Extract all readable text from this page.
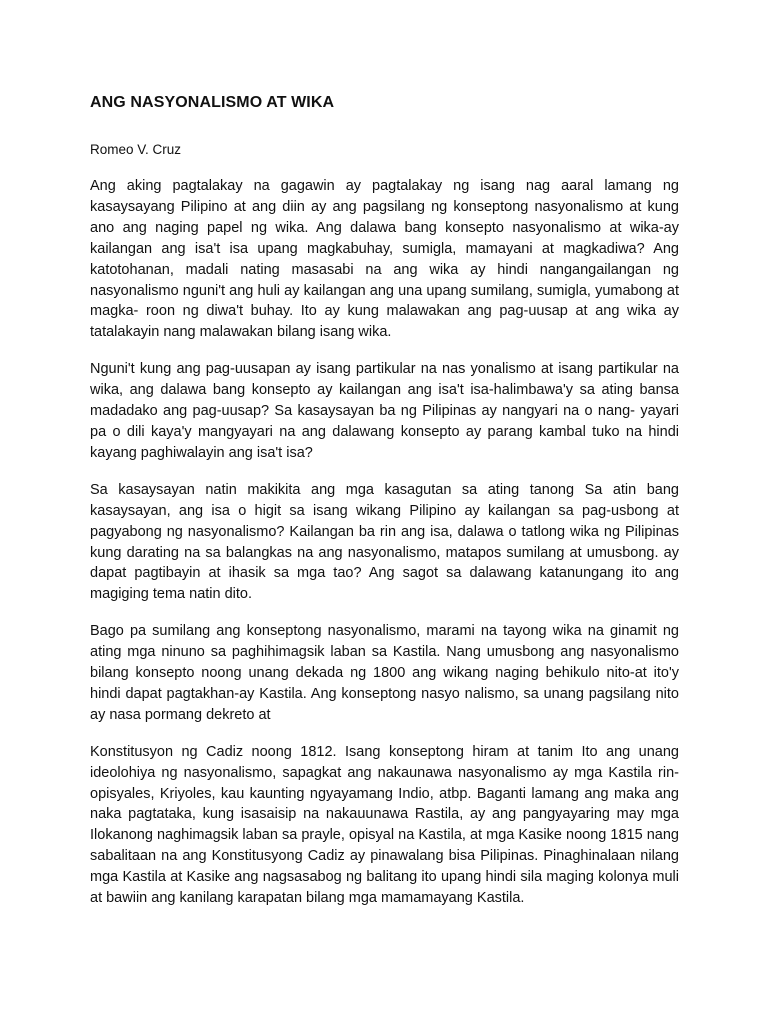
ANG NASYONALISMO AT WIKA

Romeo V. Cruz

Ang aking pagtalakay na gagawin ay pagtalakay ng isang nag aaral lamang ng kasaysayang Pilipino at ang diin ay ang pagsilang ng konseptong nasyonalismo at kung ano ang naging papel ng wika. Ang dalawa bang konsepto nasyonalismo at wika-ay kailangan ang isa't isa upang magkabuhay, sumigla, mamayani at magkadiwa? Ang katotohanan, madali nating masasabi na ang wika ay hindi nangangailangan ng nasyonalismo nguni't ang huli ay kailangan ang una upang sumilang, sumigla, yumabong at magka- roon ng diwa't buhay. Ito ay kung malawakan ang pag-uusap at ang wika ay tatalakayin nang malawakan bilang isang wika.

Nguni't kung ang pag-uusapan ay isang partikular na nas yonalismo at isang partikular na wika, ang dalawa bang konsepto ay kailangan ang isa't isa-halimbawa'y sa ating bansa madadako ang pag-uusap? Sa kasaysayan ba ng Pilipinas ay nangyari na o nang- yayari pa o dili kaya'y mangyayari na ang dalawang konsepto ay parang kambal tuko na hindi kayang paghiwalayin ang isa't isa?

Sa kasaysayan natin makikita ang mga kasagutan sa ating tanong Sa atin bang kasaysayan, ang isa o higit sa isang wikang Pilipino ay kailangan sa pag-usbong at pagyabong ng nasyonalismo? Kailangan ba rin ang isa, dalawa o tatlong wika ng Pilipinas kung darating na sa balangkas na ang nasyonalismo, matapos sumilang at umusbong. ay dapat pagtibayin at ihasik sa mga tao? Ang sagot sa dalawang katanungang ito ang magiging tema natin dito.

Bago pa sumilang ang konseptong nasyonalismo, marami na tayong wika na ginamit ng ating mga ninuno sa paghihimagsik laban sa Kastila. Nang umusbong ang nasyonalismo bilang konsepto noong unang dekada ng 1800 ang wikang naging behikulo nito-at ito'y hindi dapat pagtakhan-ay Kastila. Ang konseptong nasyo nalismo, sa unang pagsilang nito ay nasa pormang dekreto at

Konstitusyon ng Cadiz noong 1812. Isang konseptong hiram at tanim Ito ang unang ideolohiya ng nasyonalismo, sapagkat ang nakaunawa nasyonalismo ay mga Kastila rin-opisyales, Kriyoles, kau kaunting ngyayamang Indio, atbp. Baganti lamang ang maka ang naka pagtataka, kung isasaisip na nakauunawa Rastila, ay ang pangyayaring may mga Ilokanong naghimagsik laban sa prayle, opisyal na Kastila, at mga Kasike noong 1815 nang sabalitaan na ang Konstitusyong Cadiz ay pinawalang bisa Pilipinas. Pinaghinalaan nilang mga Kastila at Kasike ang nagsasabog ng balitang ito upang hindi sila maging kolonya muli at bawiin ang kanilang karapatan bilang mga mamamayang Kastila.
